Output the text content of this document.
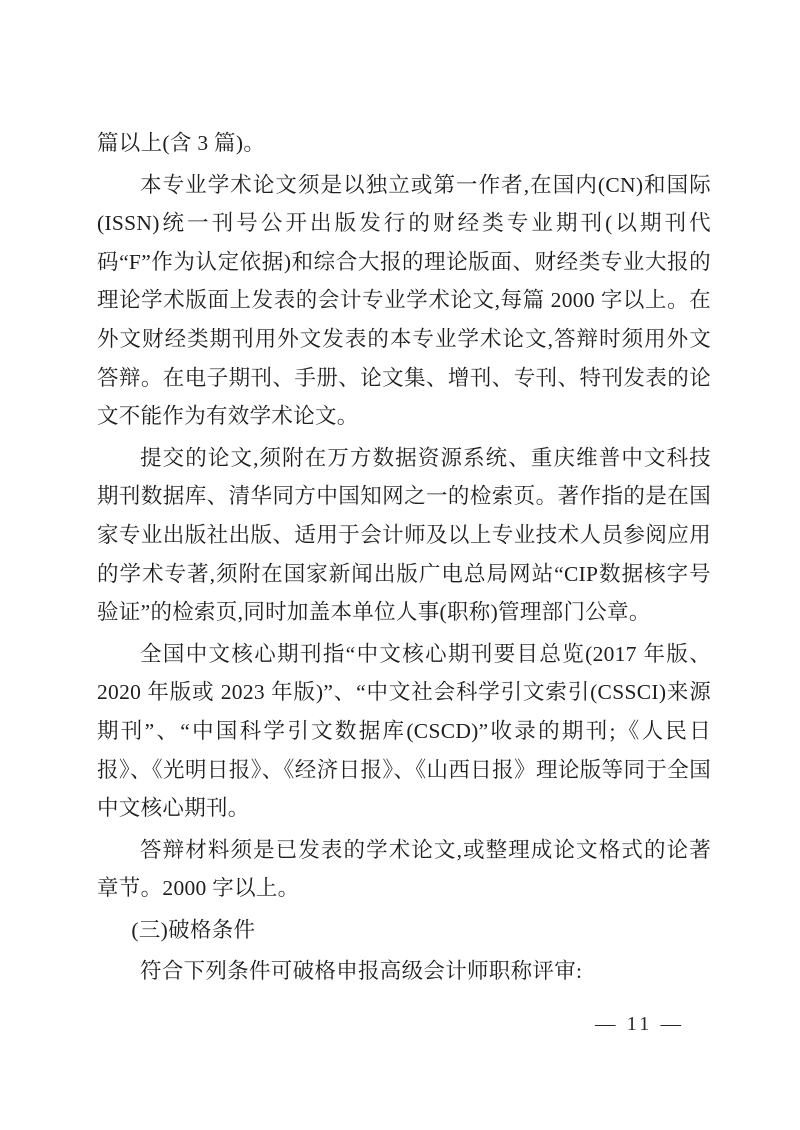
篇以上(含 3 篇)。

本专业学术论文须是以独立或第一作者,在国内(CN)和国际(ISSN)统一刊号公开出版发行的财经类专业期刊(以期刊代码“F”作为认定依据)和综合大报的理论版面、财经类专业大报的理论学术版面上发表的会计专业学术论文,每篇 2000 字以上。在外文财经类期刊用外文发表的本专业学术论文,答辩时须用外文答辩。在电子期刊、手册、论文集、增刊、专刊、特刊发表的论文不能作为有效学术论文。

提交的论文,须附在万方数据资源系统、重庆维普中文科技期刊数据库、清华同方中国知网之一的检索页。著作指的是在国家专业出版社出版、适用于会计师及以上专业技术人员参阅应用的学术专著,须附在国家新闻出版广电总局网站“CIP数据核字号验证”的检索页,同时加盖本单位人事(职称)管理部门公章。

全国中文核心期刊指“中文核心期刊要目总览(2017 年版、2020 年版或 2023 年版)”、“中文社会科学引文索引(CSSCI)来源期刊”、“中国科学引文数据库(CSCD)”收录的期刊;《人民日报》、《光明日报》、《经济日报》、《山西日报》理论版等同于全国中文核心期刊。

答辩材料须是已发表的学术论文,或整理成论文格式的论著章节。2000 字以上。

(三)破格条件

符合下列条件可破格申报高级会计师职称评审:

— 11 —
